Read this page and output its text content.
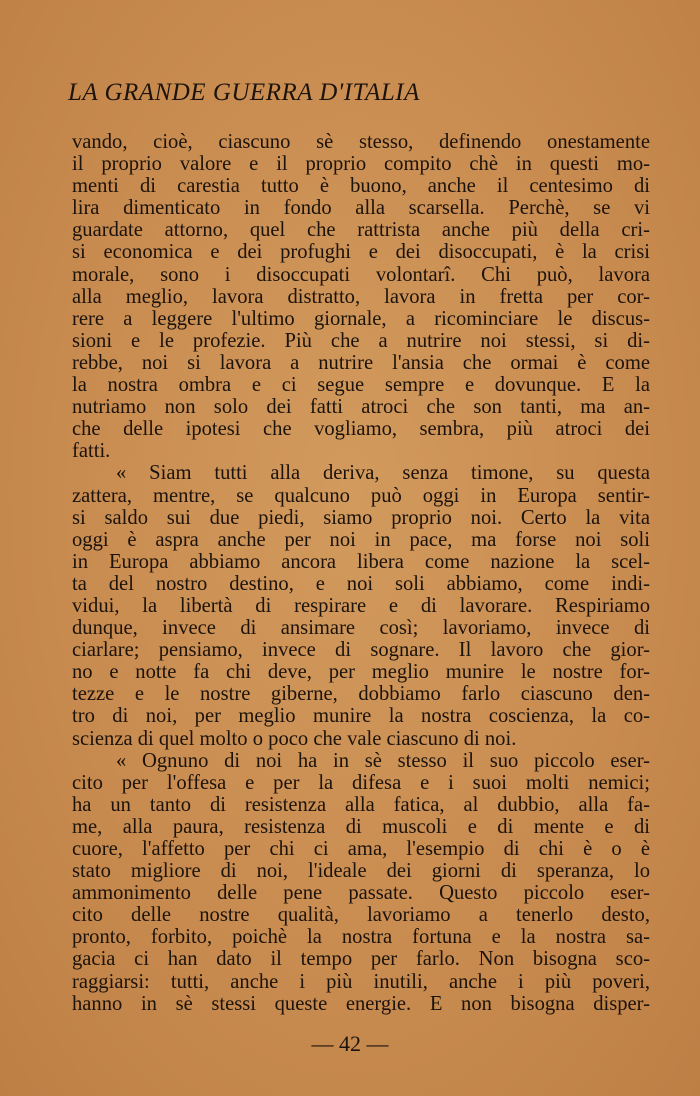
LA GRANDE GUERRA D'ITALIA
vando, cioè, ciascuno sè stesso, definendo onestamente
il proprio valore e il proprio compito chè in questi mo-
menti di carestia tutto è buono, anche il centesimo di
lira dimenticato in fondo alla scarsella. Perchè, se vi
guardate attorno, quel che rattrista anche più della cri-
si economica e dei profughi e dei disoccupati, è la crisi
morale, sono i disoccupati volontarî. Chi può, lavora
alla meglio, lavora distratto, lavora in fretta per cor-
rere a leggere l'ultimo giornale, a ricominciare le discus-
sioni e le profezie. Più che a nutrire noi stessi, si di-
rebbe, noi si lavora a nutrire l'ansia che ormai è come
la nostra ombra e ci segue sempre e dovunque. E la
nutriamo non solo dei fatti atroci che son tanti, ma an-
che delle ipotesi che vogliamo, sembra, più atroci dei
fatti.
« Siam tutti alla deriva, senza timone, su questa
zattera, mentre, se qualcuno può oggi in Europa sentir-
si saldo sui due piedi, siamo proprio noi. Certo la vita
oggi è aspra anche per noi in pace, ma forse noi soli
in Europa abbiamo ancora libera come nazione la scel-
ta del nostro destino, e noi soli abbiamo, come indi-
vidui, la libertà di respirare e di lavorare. Respiriamo
dunque, invece di ansimare così; lavoriamo, invece di
ciarlare; pensiamo, invece di sognare. Il lavoro che gior-
no e notte fa chi deve, per meglio munire le nostre for-
tezze e le nostre giberne, dobbiamo farlo ciascuno den-
tro di noi, per meglio munire la nostra coscienza, la co-
scienza di quel molto o poco che vale ciascuno di noi.
« Ognuno di noi ha in sè stesso il suo piccolo eser-
cito per l'offesa e per la difesa e i suoi molti nemici;
ha un tanto di resistenza alla fatica, al dubbio, alla fa-
me, alla paura, resistenza di muscoli e di mente e di
cuore, l'affetto per chi ci ama, l'esempio di chi è o è
stato migliore di noi, l'ideale dei giorni di speranza, lo
ammonimento delle pene passate. Questo piccolo eser-
cito delle nostre qualità, lavoriamo a tenerlo desto,
pronto, forbito, poichè la nostra fortuna e la nostra sa-
gacia ci han dato il tempo per farlo. Non bisogna sco-
raggiarsi: tutti, anche i più inutili, anche i più poveri,
hanno in sè stessi queste energie. E non bisogna disper-
— 42 —
